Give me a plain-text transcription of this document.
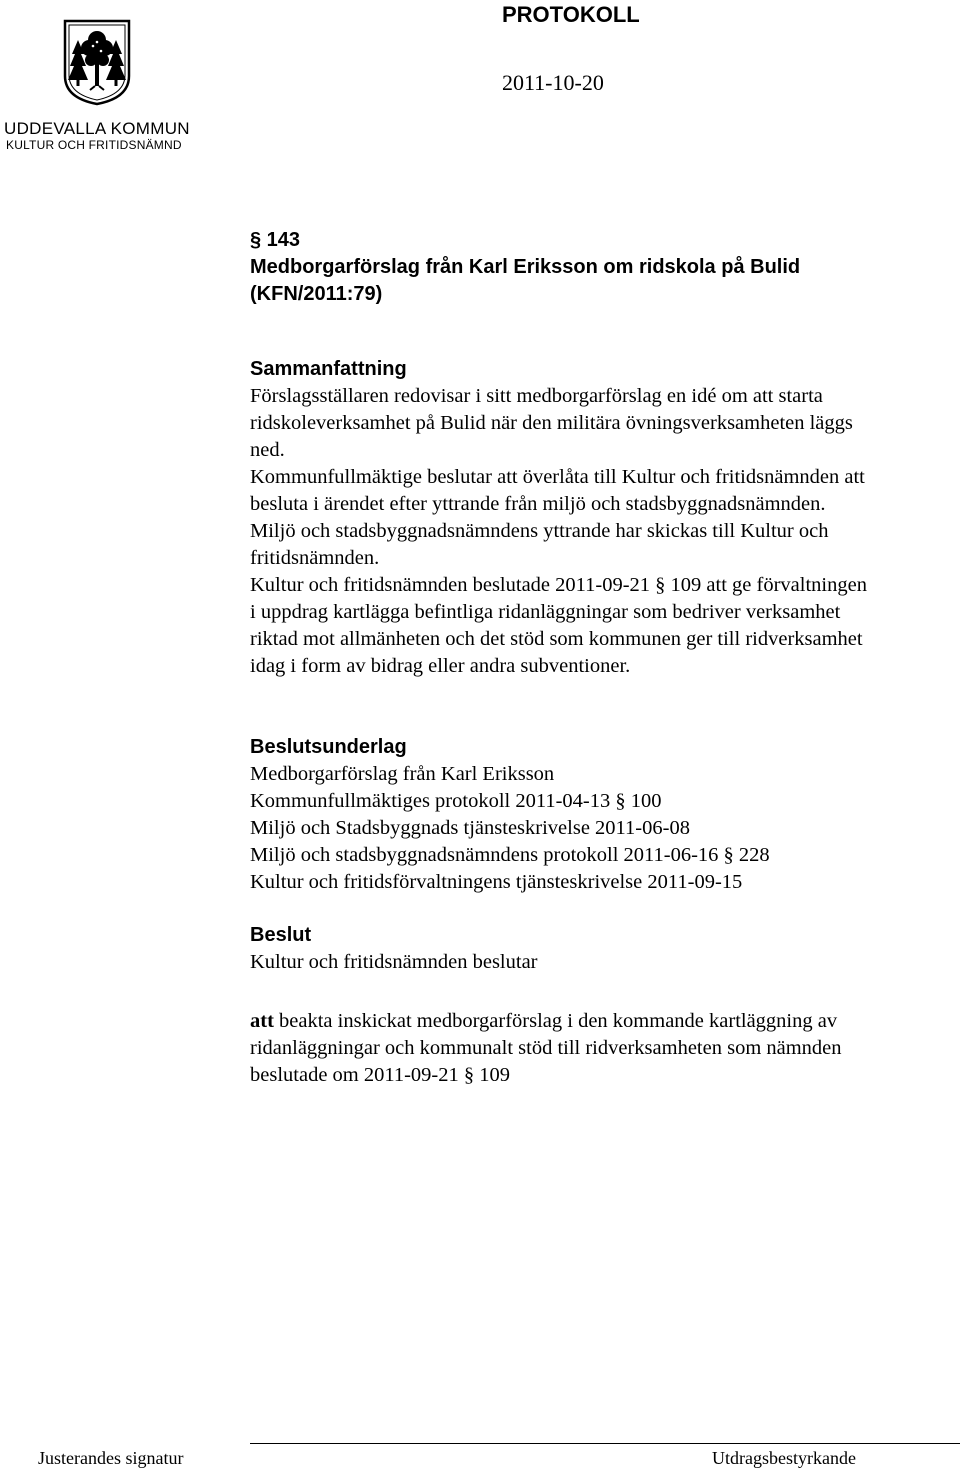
PROTOKOLL
2011-10-20
UDDEVALLA KOMMUN
KULTUR OCH FRITIDSNÄMND
§ 143
Medborgarförslag från Karl Eriksson om ridskola på Bulid
(KFN/2011:79)
Sammanfattning

Förslagsställaren redovisar i sitt medborgarförslag en idé om att starta
ridskoleverksamhet på Bulid när den militära övningsverksamheten läggs
ned.

Kommunfullmäktige beslutar att överlåta till Kultur och fritidsnämnden att
besluta i ärendet efter yttrande från miljö och stadsbyggnadsnämnden.

Miljö och stadsbyggnadsnämndens yttrande har skickas till Kultur och
fritidsnämnden.

Kultur och fritidsnämnden beslutade 2011-09-21 § 109 att ge förvaltningen
i uppdrag kartlägga befintliga ridanläggningar som bedriver verksamhet
riktad mot allmänheten och det stöd som kommunen ger till ridverksamhet
idag i form av bidrag eller andra subventioner.

Beslutsunderlag
Medborgarförslag från Karl Eriksson
Kommunfullmäktiges protokoll 2011-04-13 § 100
Miljö och Stadsbyggnads tjänsteskrivelse 2011-06-08
Miljö och stadsbyggnadsnämndens protokoll 2011-06-16 § 228
Kultur och fritidsförvaltningens tjänsteskrivelse 2011-09-15
Beslut
Kultur och fritidsnämnden beslutar
att beakta inskickat medborgarförslag i den kommande kartläggning av
ridanläggningar och kommunalt stöd till ridverksamheten som nämnden
beslutade om 2011-09-21 § 109
Justerandes signatur	Utdragsbestyrkande
